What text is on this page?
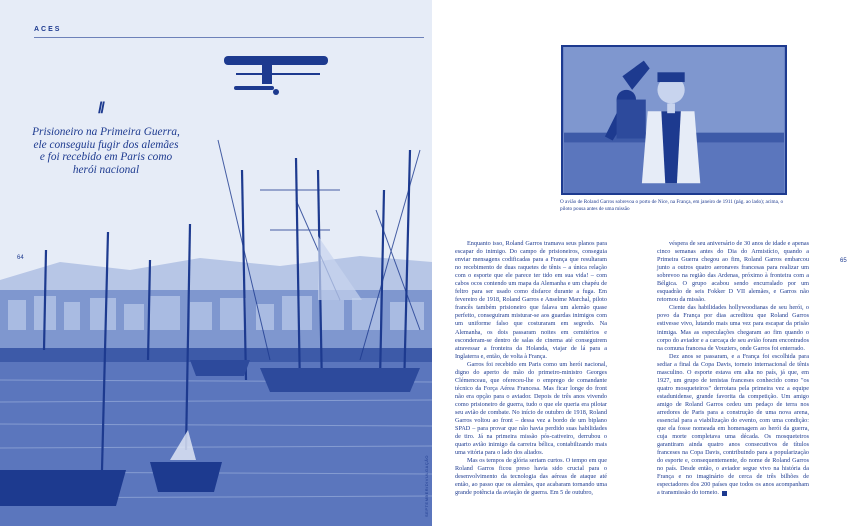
ACES
//
Prisioneiro na Primeira Guerra, ele conseguiu fugir dos alemães e foi recebido em Paris como herói nacional
64
SEPTEMBER/DIVULGAÇÃO
O avião de Roland Garros sobrevoa o porto de Nice, na França, em janeiro de 1911 (pág. ao lado); acima, o piloto pousa antes de uma missão
65

Enquanto isso, Roland Garros tramava seus planos para escapar do inimigo. Do campo de prisioneiros, conseguia enviar mensagens codificadas para a França que resultaram no recebimento de duas raquetes de tênis – a única relação com o esporte que ele parece ter tido em sua vida! – com cabos ocos contendo um mapa da Alemanha e um chapéu de feltro para ser usado como disfarce durante a fuga. Em fevereiro de 1918, Roland Garros e Anselme Marchal, piloto francês também prisioneiro que falava um alemão quase perfeito, conseguiram misturar-se aos guardas inimigos com um uniforme falso que costuraram em segredo. Na Alemanha, os dois passaram noites em cemitérios e esconderam-se dentro de salas de cinema até conseguirem atravessar a fronteira da Holanda, viajar de lá para a Inglaterra e, então, de volta à França.

Garros foi recebido em Paris como um herói nacional, digno do aperto de mão do primeiro-ministro Georges Clémenceau, que ofereceu-lhe o emprego de comandante técnico da Força Aérea Francesa. Mas ficar longe do front não era opção para o aviador. Depois de três anos vivendo como prisioneiro de guerra, tudo o que ele queria era pilotar seu avião de combate. No início de outubro de 1918, Roland Garros voltou ao front – dessa vez a bordo de um biplano SPAD – para provar que não havia perdido suas habilidades de tiro. Já na primeira missão pós-cativeiro, derrubou o quarto avião inimigo da carreira bélica, contabilizando mais uma vitória para o lado dos aliados.

Mas os tempos de glória seriam curtos. O tempo em que Roland Garros ficou preso havia sido crucial para o desenvolvimento da tecnologia das aéreas de ataque até então, ao passo que os alemães, que acabaram tornando uma grande potência da aviação de guerra. Em 5 de outubro,

véspera de seu aniversário de 30 anos de idade e apenas cinco semanas antes do Dia do Armistício, quando a Primeira Guerra chegou ao fim, Roland Garros embarcou junto a outros quatro aeronaves francesas para realizar um sobrevoo na região das Ardenas, próximo à fronteira com a Bélgica. O grupo acabou sendo encurralado por um esquadrão de seis Fokker D VII alemães, e Garros não retornou da missão.

Ciente das habilidades hollywoodianas de seu herói, o povo da França por dias acreditou que Roland Garros estivesse vivo, lutando mais uma vez para escapar da prisão inimiga. Mas as especulações chegaram ao fim quando o corpo do aviador e a carcaça de seu avião foram encontrados na comuna francesa de Vouziers, onde Garros foi enterrado.

Dez anos se passaram, e a França foi escolhida para sediar a final da Copa Davis, torneio internacional de tênis masculino. O esporte estava em alta no país, já que, em 1927, um grupo de tenistas franceses conhecido como "os quatro mosqueteiros" derrotara pela primeira vez a equipe estadunidense, grande favorita da competição. Um amigo amigo de Roland Garros cedeu um pedaço de terra nos arredores de Paris para a construção de uma nova arena, essencial para a viabilização do evento, com uma condição: que ela fosse nomeada em homenagem ao herói da guerra, cuja morte completava uma década. Os mosqueteiros garantiram ainda quatro anos consecutivos de títulos franceses na Copa Davis, contribuindo para a popularização do esporte e, consequentemente, do nome de Roland Garros no país. Desde então, o aviador segue vivo na história da França e no imaginário de cerca de três bilhões de espectadores dos 200 países que todos os anos acompanham a transmissão do torneio.
